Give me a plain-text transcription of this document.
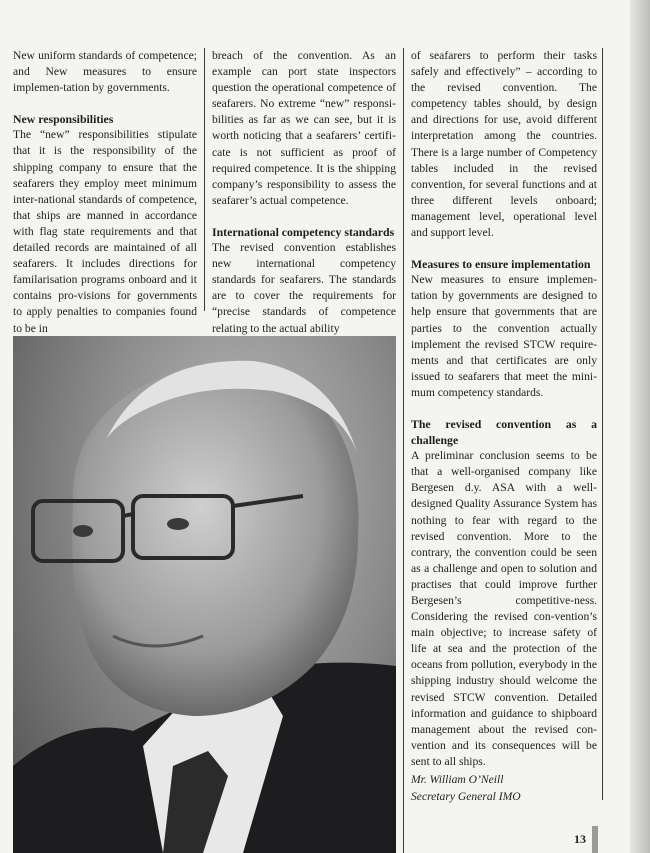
New uniform standards of competence; and New measures to ensure implemen-tation by governments.

New responsibilities

The “new” responsibilities stipulate that it is the responsibility of the shipping company to ensure that the seafarers they employ meet minimum inter-national standards of competence, that ships are manned in accordance with flag state requirements and that detailed records are maintained of all seafarers. It includes directions for familarisation programs onboard and it contains pro-visions for governments to apply penalties to companies found to be in

breach of the convention. As an example can port state inspectors question the operational competence of seafarers. No extreme “new” responsi-bilities as far as we can see, but it is worth noticing that a seafarers’ certifi-cate is not sufficient as proof of required competence. It is the shipping company’s responsibility to assess the seafarer’s actual competence.

International competency standards

The revised convention establishes new international competency standards for seafarers. The standards are to cover the requirements for “precise standards of competence relating to the actual ability

of seafarers to perform their tasks safely and effectively” – according to the revised convention. The competency tables should, by design and directions for use, avoid different interpretation among the countries. There is a large number of Competency tables included in the revised convention, for several functions and at three different levels onboard; management level, operational level and support level.

Measures to ensure implementation

New measures to ensure implemen-tation by governments are designed to help ensure that governments that are parties to the convention actually implement the revised STCW require-ments and that certificates are only issued to seafarers that meet the mini-mum competency standards.

The revised convention as a challenge

A preliminar conclusion seems to be that a well-organised company like Bergesen d.y. ASA with a well-designed Quality Assurance System has nothing to fear with regard to the revised convention. More to the contrary, the convention could be seen as a challenge and open to solution and practises that could improve further Bergesen’s competitive-ness. Considering the revised con-vention’s main objective; to increase safety of life at sea and the protection of the oceans from pollution, everybody in the shipping industry should welcome the revised STCW convention. Detailed information and guidance to shipboard management about the revised con-vention and its consequences will be sent to all ships.

Mr. William O’Neill
Secretary General IMO
13
